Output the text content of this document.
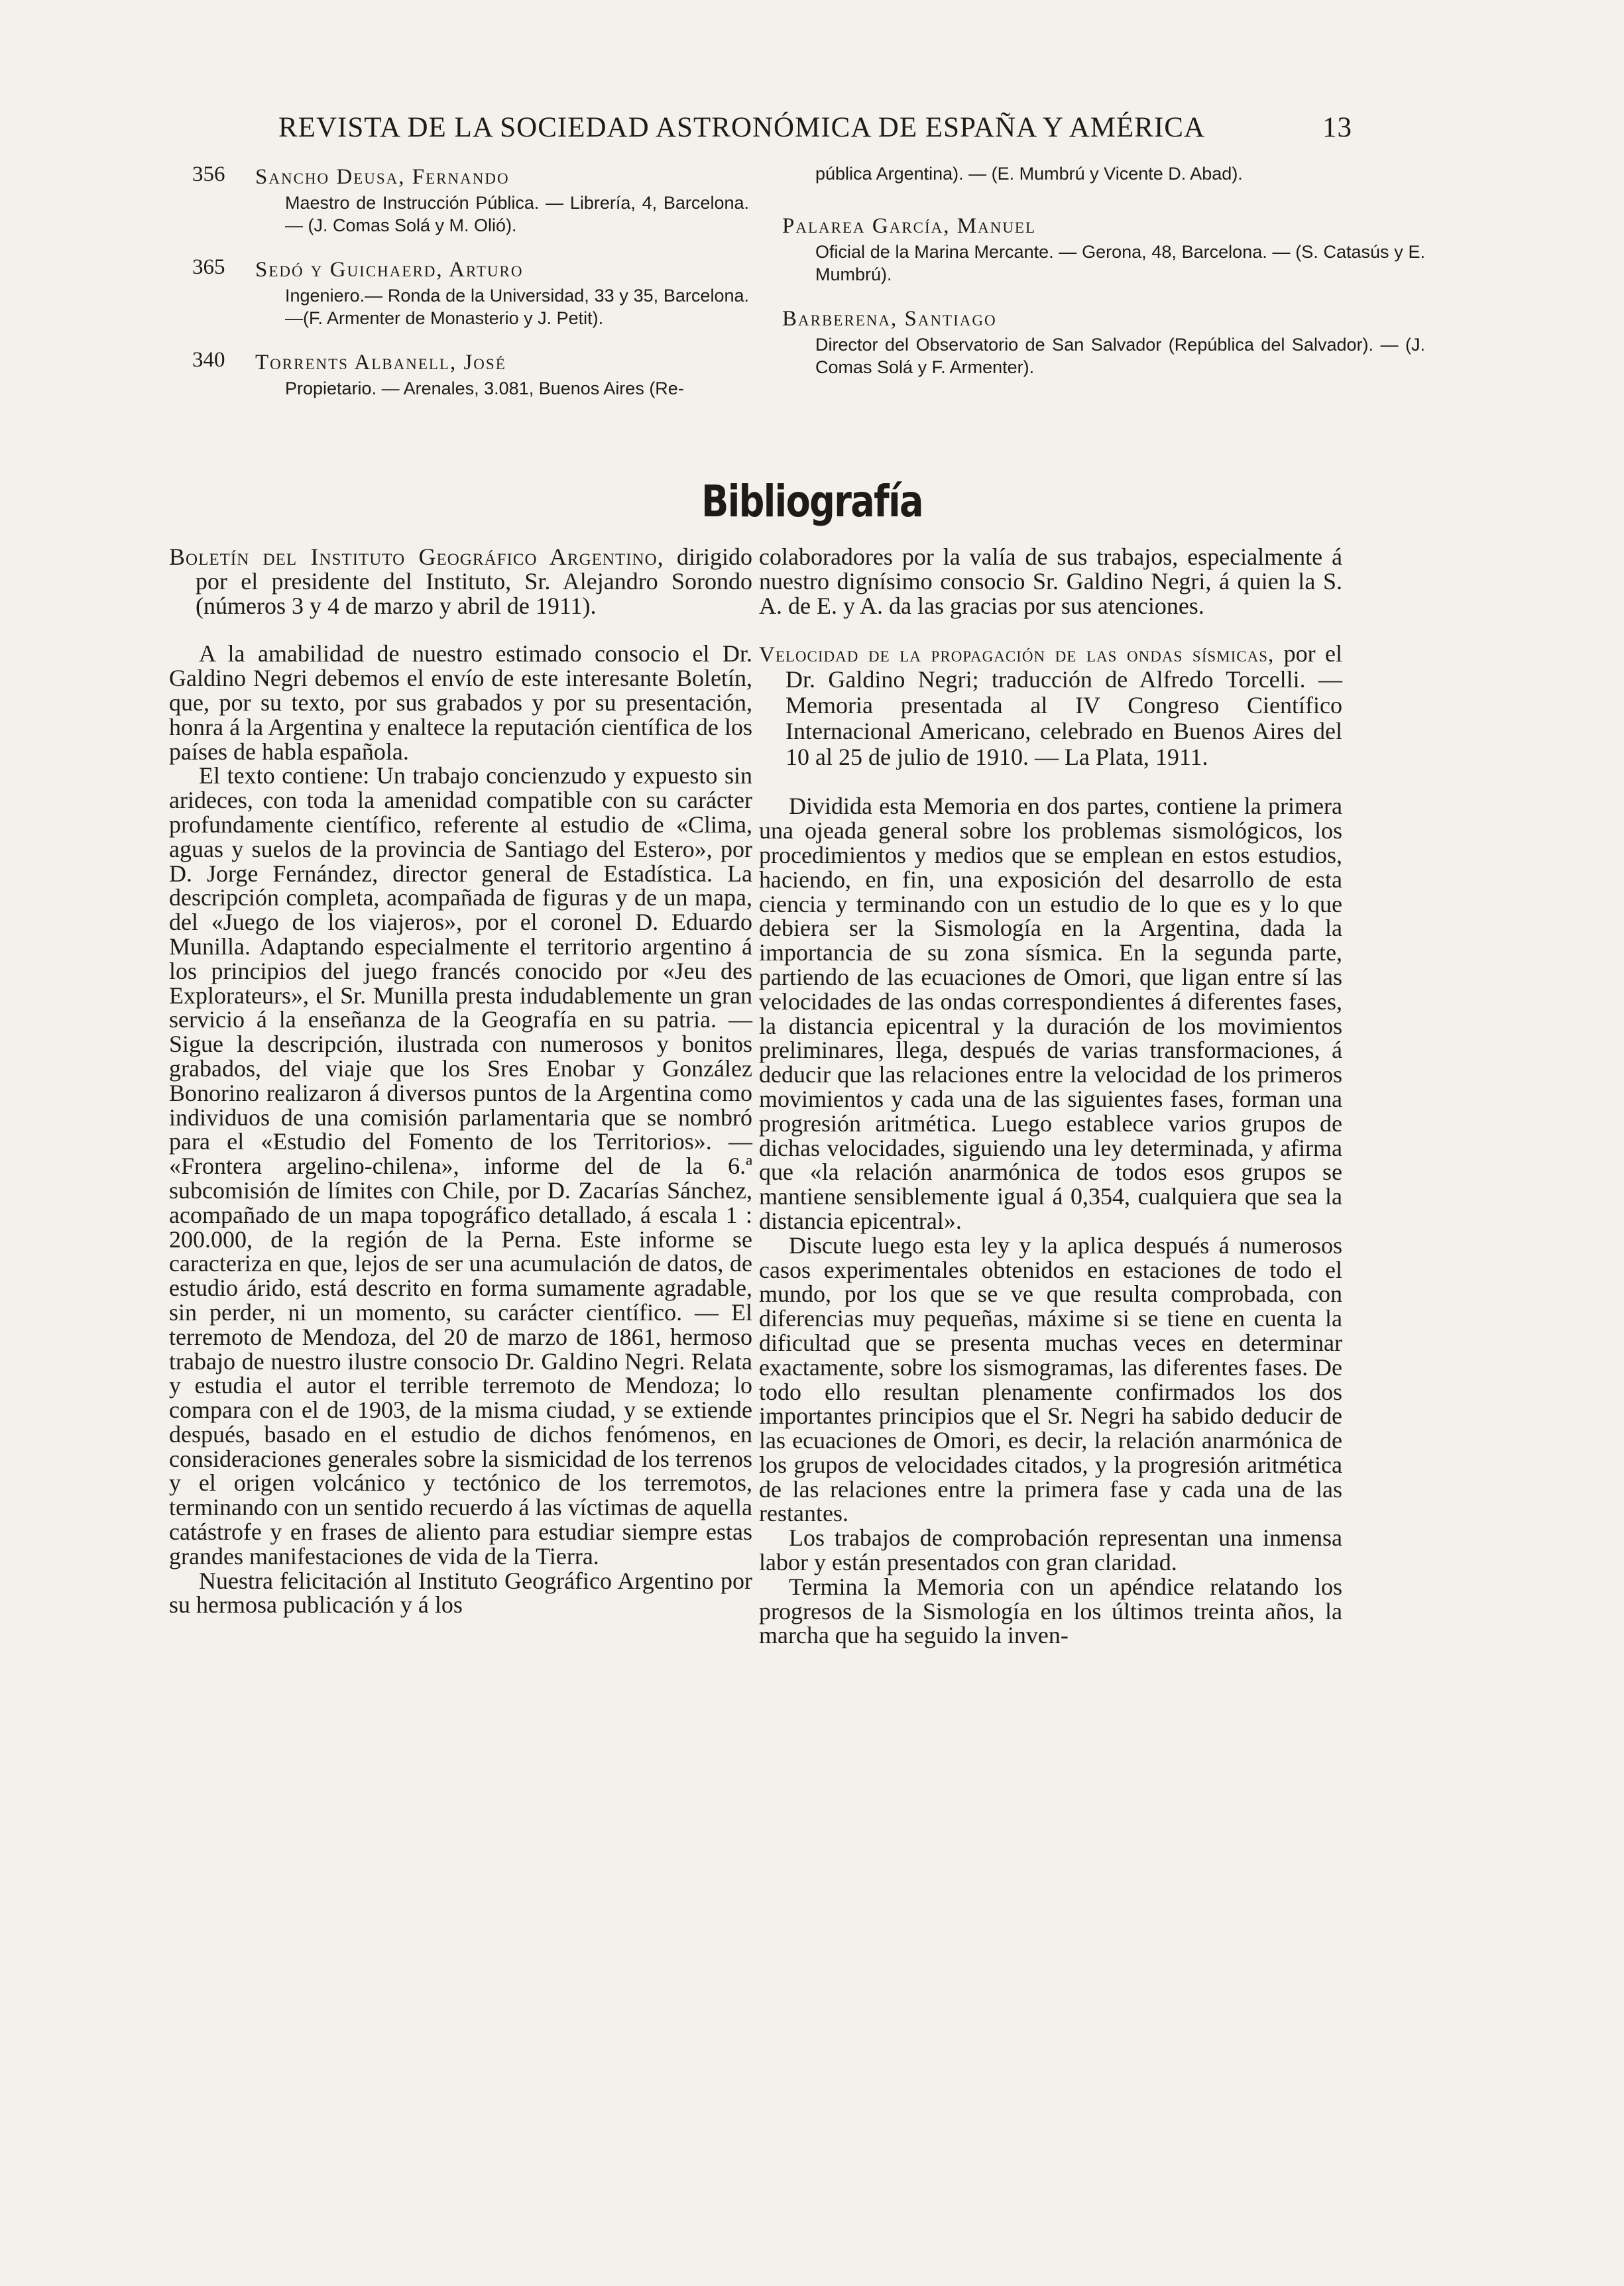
REVISTA DE LA SOCIEDAD ASTRONÓMICA DE ESPAÑA Y AMÉRICA	13
356 Sancho Deusa, Fernando
Maestro de Instrucción Pública. — Librería, 4, Barcelona. — (J. Comas Solá y M. Olió).
365 Sedó y Guichaerd, Arturo
Ingeniero.— Ronda de la Universidad, 33 y 35, Barcelona.—(F. Armenter de Monasterio y J. Petit).
340 Torrents Albanell, José
Propietario. — Arenales, 3.081, Buenos Aires (Re-
pública Argentina). — (E. Mumbrú y Vicente D. Abad).
Palarea García, Manuel
Oficial de la Marina Mercante. — Gerona, 48, Barcelona. — (S. Catasús y E. Mumbrú).
Barberena, Santiago
Director del Observatorio de San Salvador (República del Salvador). — (J. Comas Solá y F. Armenter).
Bibliografía

Boletín del Instituto Geográfico Argentino, dirigido por el presidente del Instituto, Sr. Alejandro Sorondo (números 3 y 4 de marzo y abril de 1911).

A la amabilidad de nuestro estimado consocio el Dr. Galdino Negri debemos el envío de este interesante Boletín, que, por su texto, por sus grabados y por su presentación, honra á la Argentina y enaltece la reputación científica de los países de habla española.

El texto contiene: Un trabajo concienzudo y expuesto sin arideces, con toda la amenidad compatible con su carácter profundamente científico, referente al estudio de «Clima, aguas y suelos de la provincia de Santiago del Estero», por D. Jorge Fernández, director general de Estadística. La descripción completa, acompañada de figuras y de un mapa, del «Juego de los viajeros», por el coronel D. Eduardo Munilla. Adaptando especialmente el territorio argentino á los principios del juego francés conocido por «Jeu des Explorateurs», el Sr. Munilla presta indudablemente un gran servicio á la enseñanza de la Geografía en su patria. — Sigue la descripción, ilustrada con numerosos y bonitos grabados, del viaje que los Sres Enobar y González Bonorino realizaron á diversos puntos de la Argentina como individuos de una comisión parlamentaria que se nombró para el «Estudio del Fomento de los Territorios». — «Frontera argelino-chilena», informe del de la 6.ª subcomisión de límites con Chile, por D. Zacarías Sánchez, acompañado de un mapa topográfico detallado, á escala 1 : 200.000, de la región de la Perna. Este informe se caracteriza en que, lejos de ser una acumulación de datos, de estudio árido, está descrito en forma sumamente agradable, sin perder, ni un momento, su carácter científico. — El terremoto de Mendoza, del 20 de marzo de 1861, hermoso trabajo de nuestro ilustre consocio Dr. Galdino Negri. Relata y estudia el autor el terrible terremoto de Mendoza; lo compara con el de 1903, de la misma ciudad, y se extiende después, basado en el estudio de dichos fenómenos, en consideraciones generales sobre la sismicidad de los terrenos y el origen volcánico y tectónico de los terremotos, terminando con un sentido recuerdo á las víctimas de aquella catástrofe y en frases de aliento para estudiar siempre estas grandes manifestaciones de vida de la Tierra.

Nuestra felicitación al Instituto Geográfico Argentino por su hermosa publicación y á los

colaboradores por la valía de sus trabajos, especialmente á nuestro dignísimo consocio Sr. Galdino Negri, á quien la S. A. de E. y A. da las gracias por sus atenciones.

Velocidad de la propagación de las ondas sísmicas, por el Dr. Galdino Negri; traducción de Alfredo Torcelli. — Memoria presentada al IV Congreso Científico Internacional Americano, celebrado en Buenos Aires del 10 al 25 de julio de 1910. — La Plata, 1911.

Dividida esta Memoria en dos partes, contiene la primera una ojeada general sobre los problemas sismológicos, los procedimientos y medios que se emplean en estos estudios, haciendo, en fin, una exposición del desarrollo de esta ciencia y terminando con un estudio de lo que es y lo que debiera ser la Sismología en la Argentina, dada la importancia de su zona sísmica. En la segunda parte, partiendo de las ecuaciones de Omori, que ligan entre sí las velocidades de las ondas correspondientes á diferentes fases, la distancia epicentral y la duración de los movimientos preliminares, llega, después de varias transformaciones, á deducir que las relaciones entre la velocidad de los primeros movimientos y cada una de las siguientes fases, forman una progresión aritmética. Luego establece varios grupos de dichas velocidades, siguiendo una ley determinada, y afirma que «la relación anarmónica de todos esos grupos se mantiene sensiblemente igual á 0,354, cualquiera que sea la distancia epicentral».

Discute luego esta ley y la aplica después á numerosos casos experimentales obtenidos en estaciones de todo el mundo, por los que se ve que resulta comprobada, con diferencias muy pequeñas, máxime si se tiene en cuenta la dificultad que se presenta muchas veces en determinar exactamente, sobre los sismogramas, las diferentes fases. De todo ello resultan plenamente confirmados los dos importantes principios que el Sr. Negri ha sabido deducir de las ecuaciones de Omori, es decir, la relación anarmónica de los grupos de velocidades citados, y la progresión aritmética de las relaciones entre la primera fase y cada una de las restantes.

Los trabajos de comprobación representan una inmensa labor y están presentados con gran claridad.

Termina la Memoria con un apéndice relatando los progresos de la Sismología en los últimos treinta años, la marcha que ha seguido la inven-
